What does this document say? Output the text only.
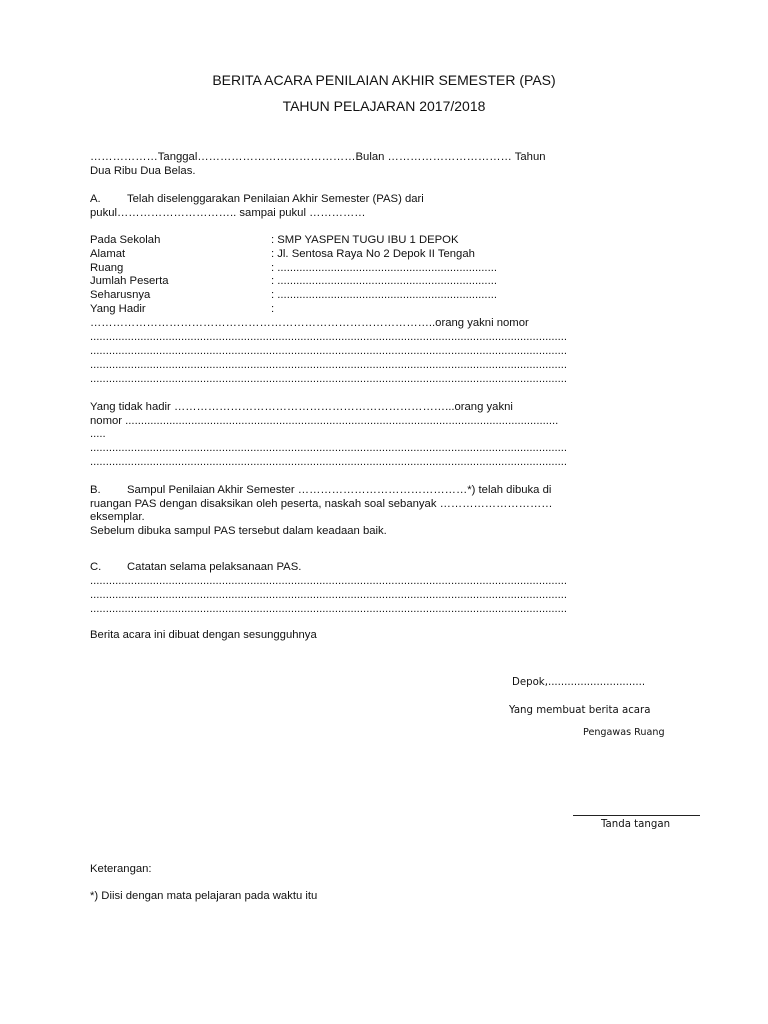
BERITA ACARA PENILAIAN AKHIR SEMESTER (PAS)
TAHUN PELAJARAN 2017/2018
………………Tanggal……………………………………Bulan …………………………… Tahun
Dua Ribu Dua Belas.
A. Telah diselenggarakan Penilaian Akhir Semester (PAS) dari
pukul………………………….. sampai pukul ……………
Pada Sekolah	: SMP YASPEN TUGU IBU 1 DEPOK
Alamat	: Jl. Sentosa Raya No 2 Depok II Tengah
Ruang	: ......................................................................
Jumlah Peserta	: ......................................................................
Seharusnya	: ......................................................................
Yang Hadir	:
………………………………………………………………………………..orang yakni nomor
........................................................................................................................................................
........................................................................................................................................................
........................................................................................................................................................
........................................................................................................................................................
Yang tidak hadir ………………………………………………………………...orang yakni
nomor ..........................................................................................................................................
.....
........................................................................................................................................................
........................................................................................................................................................
B. Sampul Penilaian Akhir Semester ………………………………………*) telah dibuka di
ruangan PAS dengan disaksikan oleh peserta, naskah soal sebanyak …………………………
eksemplar.
Sebelum dibuka sampul PAS tersebut dalam keadaan baik.
C. Catatan selama pelaksanaan PAS.
........................................................................................................................................................
........................................................................................................................................................
........................................................................................................................................................
Berita acara ini dibuat dengan sesungguhnya
Depok,..............................
Yang membuat berita acara
Pengawas Ruang
Tanda tangan
Keterangan:
*) Diisi dengan mata pelajaran pada waktu itu
